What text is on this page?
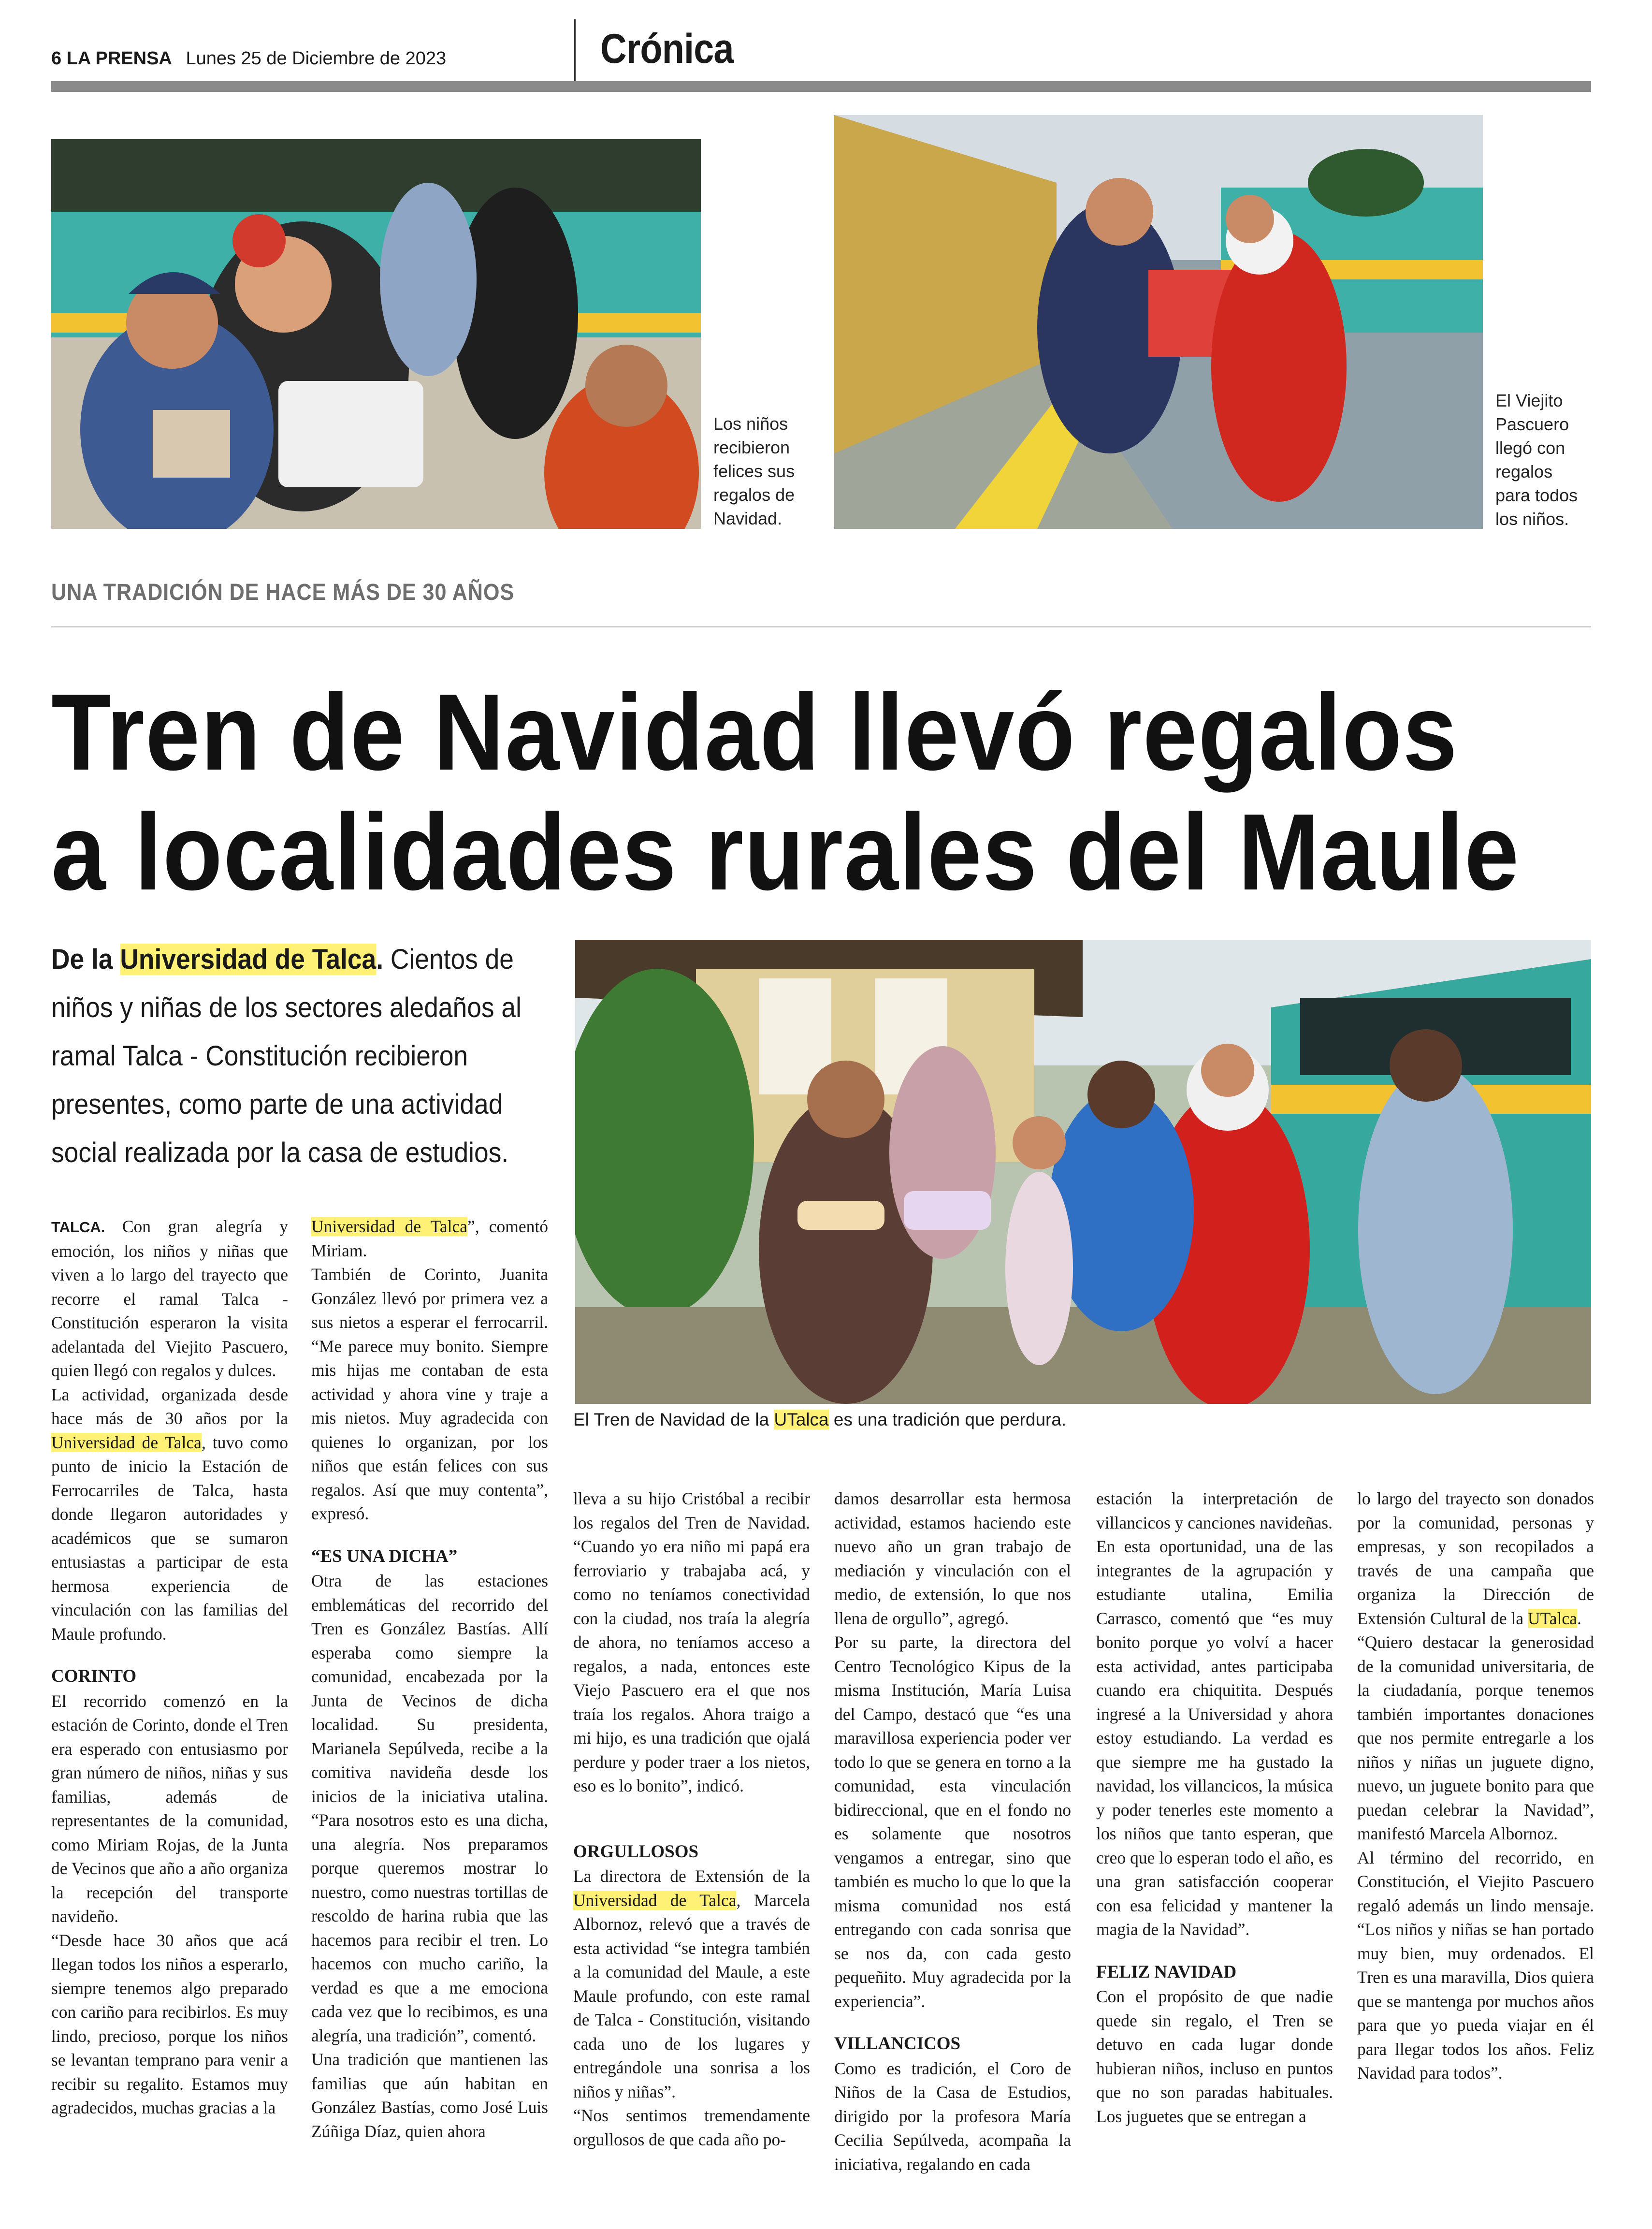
6 LA PRENSA Lunes 25 de Diciembre de 2023	Crónica
Los niños recibieron felices sus regalos de Navidad.
El Viejito Pascuero llegó con regalos para todos los niños.
UNA TRADICIÓN DE HACE MÁS DE 30 AÑOS
Tren de Navidad llevó regalos
a localidades rurales del Maule
De la Universidad de Talca. Cientos de niños y niñas de los sectores aledaños al ramal Talca - Constitución recibieron presentes, como parte de una actividad social realizada por la casa de estudios.
El Tren de Navidad de la UTalca es una tradición que perdura.

TALCA. Con gran alegría y emoción, los niños y niñas que viven a lo largo del trayecto que recorre el ramal Talca - Constitución esperaron la visita adelantada del Viejito Pascuero, quien llegó con regalos y dulces.

La actividad, organizada desde hace más de 30 años por la Universidad de Talca, tuvo como punto de inicio la Estación de Ferrocarriles de Talca, hasta donde llegaron autoridades y académicos que se sumaron entusiastas a participar de esta hermosa experiencia de vinculación con las familias del Maule profundo.

CORINTO

El recorrido comenzó en la estación de Corinto, donde el Tren era esperado con entusiasmo por gran número de niños, niñas y sus familias, además de representantes de la comunidad, como Miriam Rojas, de la Junta de Vecinos que año a año organiza la recepción del transporte navideño.

“Desde hace 30 años que acá llegan todos los niños a esperarlo, siempre tenemos algo preparado con cariño para recibirlos. Es muy lindo, precioso, porque los niños se levantan temprano para venir a recibir su regalito. Estamos muy agradecidos, muchas gracias a la

Universidad de Talca”, comentó Miriam.

También de Corinto, Juanita González llevó por primera vez a sus nietos a esperar el ferrocarril. “Me parece muy bonito. Siempre mis hijas me contaban de esta actividad y ahora vine y traje a mis nietos. Muy agradecida con quienes lo organizan, por los niños que están felices con sus regalos. Así que muy contenta”, expresó.

“ES UNA DICHA”

Otra de las estaciones emblemáticas del recorrido del Tren es González Bastías. Allí esperaba como siempre la comunidad, encabezada por la Junta de Vecinos de dicha localidad. Su presidenta, Marianela Sepúlveda, recibe a la comitiva navideña desde los inicios de la iniciativa utalina. “Para nosotros esto es una dicha, una alegría. Nos preparamos porque queremos mostrar lo nuestro, como nuestras tortillas de rescoldo de harina rubia que las hacemos para recibir el tren. Lo hacemos con mucho cariño, la verdad es que a me emociona cada vez que lo recibimos, es una alegría, una tradición”, comentó.

Una tradición que mantienen las familias que aún habitan en González Bastías, como José Luis Zúñiga Díaz, quien ahora

lleva a su hijo Cristóbal a recibir los regalos del Tren de Navidad. “Cuando yo era niño mi papá era ferroviario y trabajaba acá, y como no teníamos conectividad con la ciudad, nos traía la alegría de ahora, no teníamos acceso a regalos, a nada, entonces este Viejo Pascuero era el que nos traía los regalos. Ahora traigo a mi hijo, es una tradición que ojalá perdure y poder traer a los nietos, eso es lo bonito”, indicó.

ORGULLOSOS

La directora de Extensión de la Universidad de Talca, Marcela Albornoz, relevó que a través de esta actividad “se integra también a la comunidad del Maule, a este Maule profundo, con este ramal de Talca - Constitución, visitando cada uno de los lugares y entregándole una sonrisa a los niños y niñas”.

“Nos sentimos tremendamente orgullosos de que cada año po-

damos desarrollar esta hermosa actividad, estamos haciendo este nuevo año un gran trabajo de mediación y vinculación con el medio, de extensión, lo que nos llena de orgullo”, agregó.

Por su parte, la directora del Centro Tecnológico Kipus de la misma Institución, María Luisa del Campo, destacó que “es una maravillosa experiencia poder ver todo lo que se genera en torno a la comunidad, esta vinculación bidireccional, que en el fondo no es solamente que nosotros vengamos a entregar, sino que también es mucho lo que lo que la misma comunidad nos está entregando con cada sonrisa que se nos da, con cada gesto pequeñito. Muy agradecida por la experiencia”.

VILLANCICOS

Como es tradición, el Coro de Niños de la Casa de Estudios, dirigido por la profesora María Cecilia Sepúlveda, acompaña la iniciativa, regalando en cada

estación la interpretación de villancicos y canciones navideñas.

En esta oportunidad, una de las integrantes de la agrupación y estudiante utalina, Emilia Carrasco, comentó que “es muy bonito porque yo volví a hacer esta actividad, antes participaba cuando era chiquitita. Después ingresé a la Universidad y ahora estoy estudiando. La verdad es que siempre me ha gustado la navidad, los villancicos, la música y poder tenerles este momento a los niños que tanto esperan, que creo que lo esperan todo el año, es una gran satisfacción cooperar con esa felicidad y mantener la magia de la Navidad”.

FELIZ NAVIDAD

Con el propósito de que nadie quede sin regalo, el Tren se detuvo en cada lugar donde hubieran niños, incluso en puntos que no son paradas habituales. Los juguetes que se entregan a

lo largo del trayecto son donados por la comunidad, personas y empresas, y son recopilados a través de una campaña que organiza la Dirección de Extensión Cultural de la UTalca.

“Quiero destacar la generosidad de la comunidad universitaria, de la ciudadanía, porque tenemos también importantes donaciones que nos permite entregarle a los niños y niñas un juguete digno, nuevo, un juguete bonito para que puedan celebrar la Navidad”, manifestó Marcela Albornoz.

Al término del recorrido, en Constitución, el Viejito Pascuero regaló además un lindo mensaje. “Los niños y niñas se han portado muy bien, muy ordenados. El Tren es una maravilla, Dios quiera que se mantenga por muchos años para que yo pueda viajar en él para llegar todos los años. Feliz Navidad para todos”.
